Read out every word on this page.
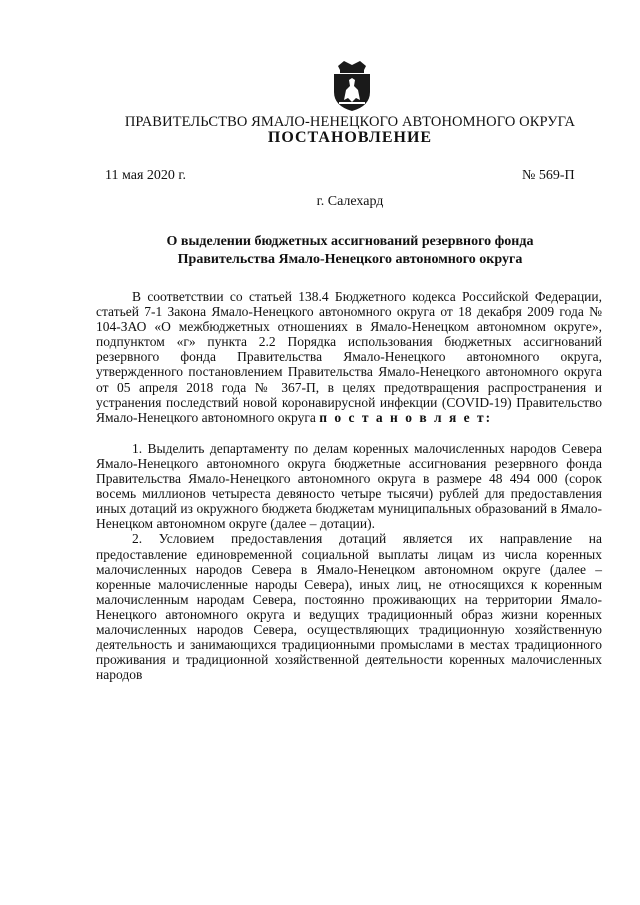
ПРАВИТЕЛЬСТВО ЯМАЛО-НЕНЕЦКОГО АВТОНОМНОГО ОКРУГА
ПОСТАНОВЛЕНИЕ
11 мая 2020 г.	№ 569-П
г. Салехард
О выделении бюджетных ассигнований резервного фонда
Правительства Ямало-Ненецкого автономного округа

В соответствии со статьей 138.4 Бюджетного кодекса Российской Федерации, статьей 7-1 Закона Ямало-Ненецкого автономного округа от 18 декабря 2009 года № 104-ЗАО «О межбюджетных отношениях в Ямало-Ненецком автономном округе», подпунктом «г» пункта 2.2 Порядка использования бюджетных ассигнований резервного фонда Правительства Ямало-Ненецкого автономного округа, утвержденного постановлением Правительства Ямало-Ненецкого автономного округа от 05 апреля 2018 года № 367-П, в целях предотвращения распространения и устранения последствий новой коронавирусной инфекции (COVID-19) Правительство Ямало-Ненецкого автономного округа п о с т а н о в л я е т:

1. Выделить департаменту по делам коренных малочисленных народов Севера Ямало-Ненецкого автономного округа бюджетные ассигнования резервного фонда Правительства Ямало-Ненецкого автономного округа в размере 48 494 000 (сорок восемь миллионов четыреста девяносто четыре тысячи) рублей для предоставления иных дотаций из окружного бюджета бюджетам муниципальных образований в Ямало-Ненецком автономном округе (далее – дотации).

2. Условием предоставления дотаций является их направление на предоставление единовременной социальной выплаты лицам из числа коренных малочисленных народов Севера в Ямало-Ненецком автономном округе (далее – коренные малочисленные народы Севера), иных лиц, не относящихся к коренным малочисленным народам Севера, постоянно проживающих на территории Ямало-Ненецкого автономного округа и ведущих традиционный образ жизни коренных малочисленных народов Севера, осуществляющих традиционную хозяйственную деятельность и занимающихся традиционными промыслами в местах традиционного проживания и традиционной хозяйственной деятельности коренных малочисленных народов
